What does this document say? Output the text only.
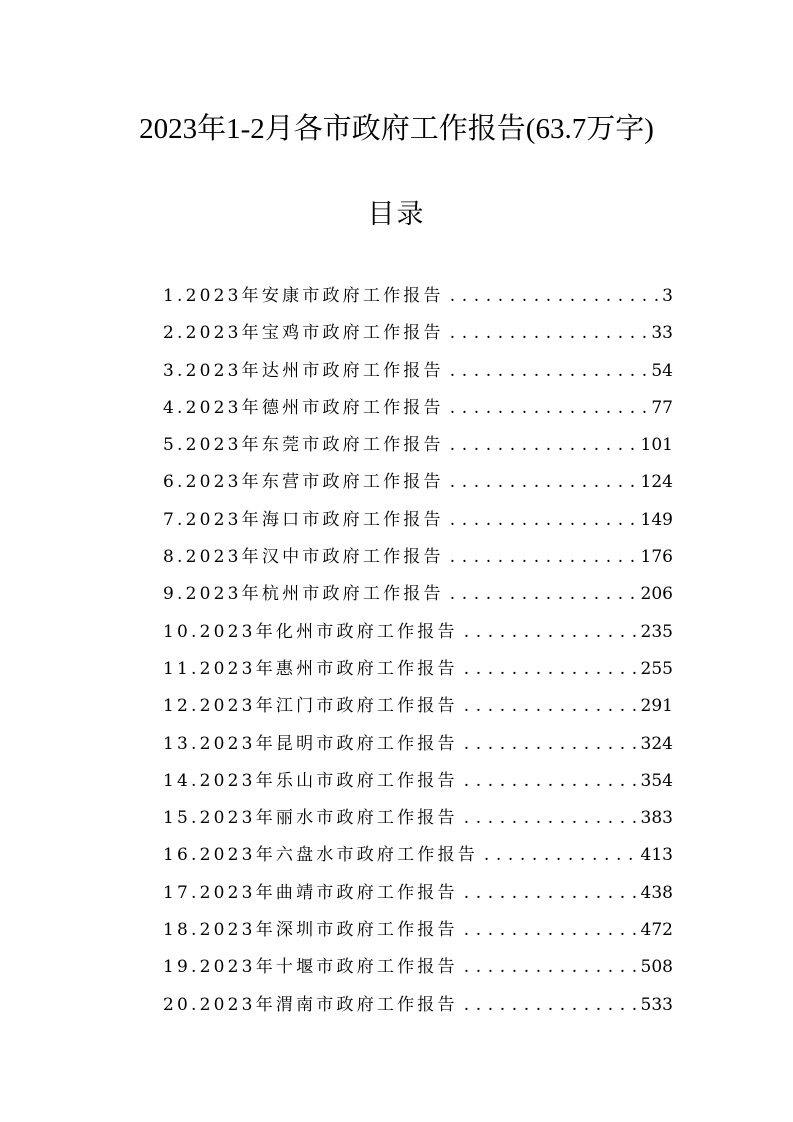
2023年1-2月各市政府工作报告(63.7万字)
目录
1.2023年安康市政府工作报告 .....	3
2.2023年宝鸡市政府工作报告 .....	33
3.2023年达州市政府工作报告 .....	54
4.2023年德州市政府工作报告 .....	77
5.2023年东莞市政府工作报告 .....	101
6.2023年东营市政府工作报告 .....	124
7.2023年海口市政府工作报告 .....	149
8.2023年汉中市政府工作报告 .....	176
9.2023年杭州市政府工作报告 .....	206
10.2023年化州市政府工作报告 .....	235
11.2023年惠州市政府工作报告 .....	255
12.2023年江门市政府工作报告 .....	291
13.2023年昆明市政府工作报告 .....	324
14.2023年乐山市政府工作报告 .....	354
15.2023年丽水市政府工作报告 .....	383
16.2023年六盘水市政府工作报告 .....	413
17.2023年曲靖市政府工作报告 .....	438
18.2023年深圳市政府工作报告 .....	472
19.2023年十堰市政府工作报告 .....	508
20.2023年渭南市政府工作报告 .....	533
